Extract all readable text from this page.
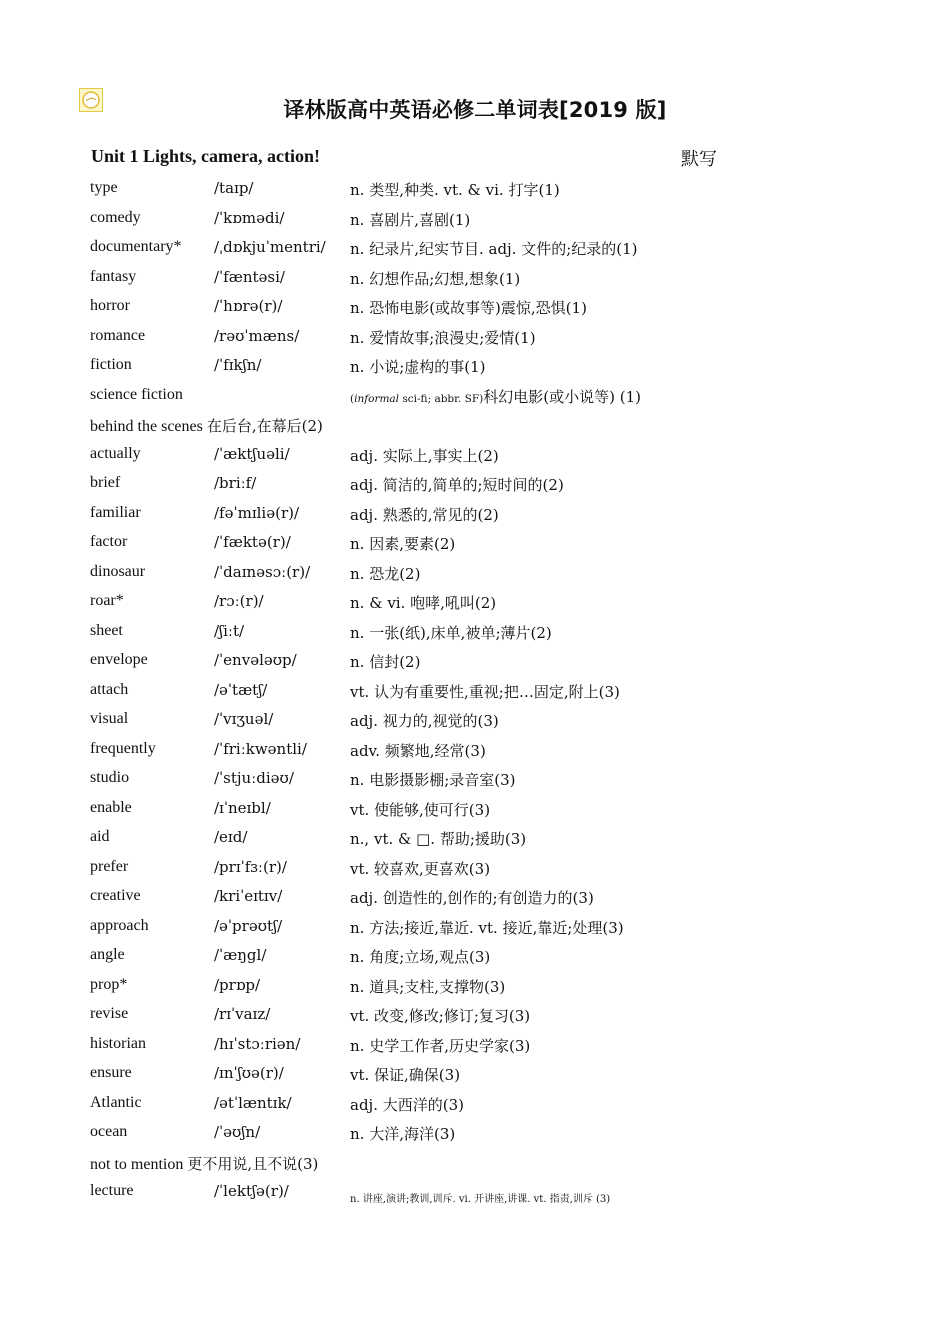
译林版高中英语必修二单词表[2019 版]
Unit 1 Lights, camera, action!	默写
type	/taɪp/	n. 类型,种类. vt. & vi. 打字(1)
comedy	/ˈkɒmədi/	n. 喜剧片,喜剧(1)
documentary* /ˌdɒkjuˈmentri/ n. 纪录片,纪实节目. adj. 文件的;纪录的(1)
fantasy	/ˈfæntəsi/	n. 幻想作品;幻想,想象(1)
horror	/ˈhɒrə(r)/	n. 恐怖电影(或故事等)震惊,恐惧(1)
romance	/rəʊˈmæns/	n. 爱情故事;浪漫史;爱情(1)
fiction	/ˈfɪkʃn/	n. 小说;虚构的事(1)
science fiction	(informal sci-fi; abbr. SF)科幻电影(或小说等) (1)
behind the scenes 在后台,在幕后(2)
actually	/ˈæktʃuəli/	adj. 实际上,事实上(2)
brief	/briːf/	adj. 简洁的,简单的;短时间的(2)
familiar	/fəˈmɪliə(r)/	adj. 熟悉的,常见的(2)
factor	/ˈfæktə(r)/	n. 因素,要素(2)
dinosaur	/ˈdaɪnəsɔː(r)/	n. 恐龙(2)
roar*	/rɔː(r)/	n. & vi. 咆哮,吼叫(2)
sheet	/ʃiːt/	n. 一张(纸),床单,被单;薄片(2)
envelope	/ˈenvələʊp/	n. 信封(2)
attach	/əˈtætʃ/	vt. 认为有重要性,重视;把…固定,附上(3)
visual	/ˈvɪʒuəl/	adj. 视力的,视觉的(3)
frequently	/ˈfriːkwəntli/	adv. 频繁地,经常(3)
studio	/ˈstjuːdiəʊ/	n. 电影摄影棚;录音室(3)
enable	/ɪˈneɪbl/	vt. 使能够,使可行(3)
aid	/eɪd/	n., vt. & □. 帮助;援助(3)
prefer	/prɪˈfɜː(r)/	vt. 较喜欢,更喜欢(3)
creative	/kriˈeɪtɪv/	adj. 创造性的,创作的;有创造力的(3)
approach	/əˈprəʊtʃ/	n. 方法;接近,靠近. vt. 接近,靠近;处理(3)
angle	/ˈæŋgl/	n. 角度;立场,观点(3)
prop*	/prɒp/	n. 道具;支柱,支撑物(3)
revise	/rɪˈvaɪz/	vt. 改变,修改;修订;复习(3)
historian	/hɪˈstɔːriən/	n. 史学工作者,历史学家(3)
ensure	/ɪnˈʃʊə(r)/	vt. 保证,确保(3)
Atlantic	/ətˈlæntɪk/	adj. 大西洋的(3)
ocean	/ˈəʊʃn/	n. 大洋,海洋(3)
not to mention 更不用说,且不说(3)
lecture	/ˈlektʃə(r)/	n. 讲座,演讲;教训,训斥. vi. 开讲座,讲课. vt. 指责,训斥 (3)
